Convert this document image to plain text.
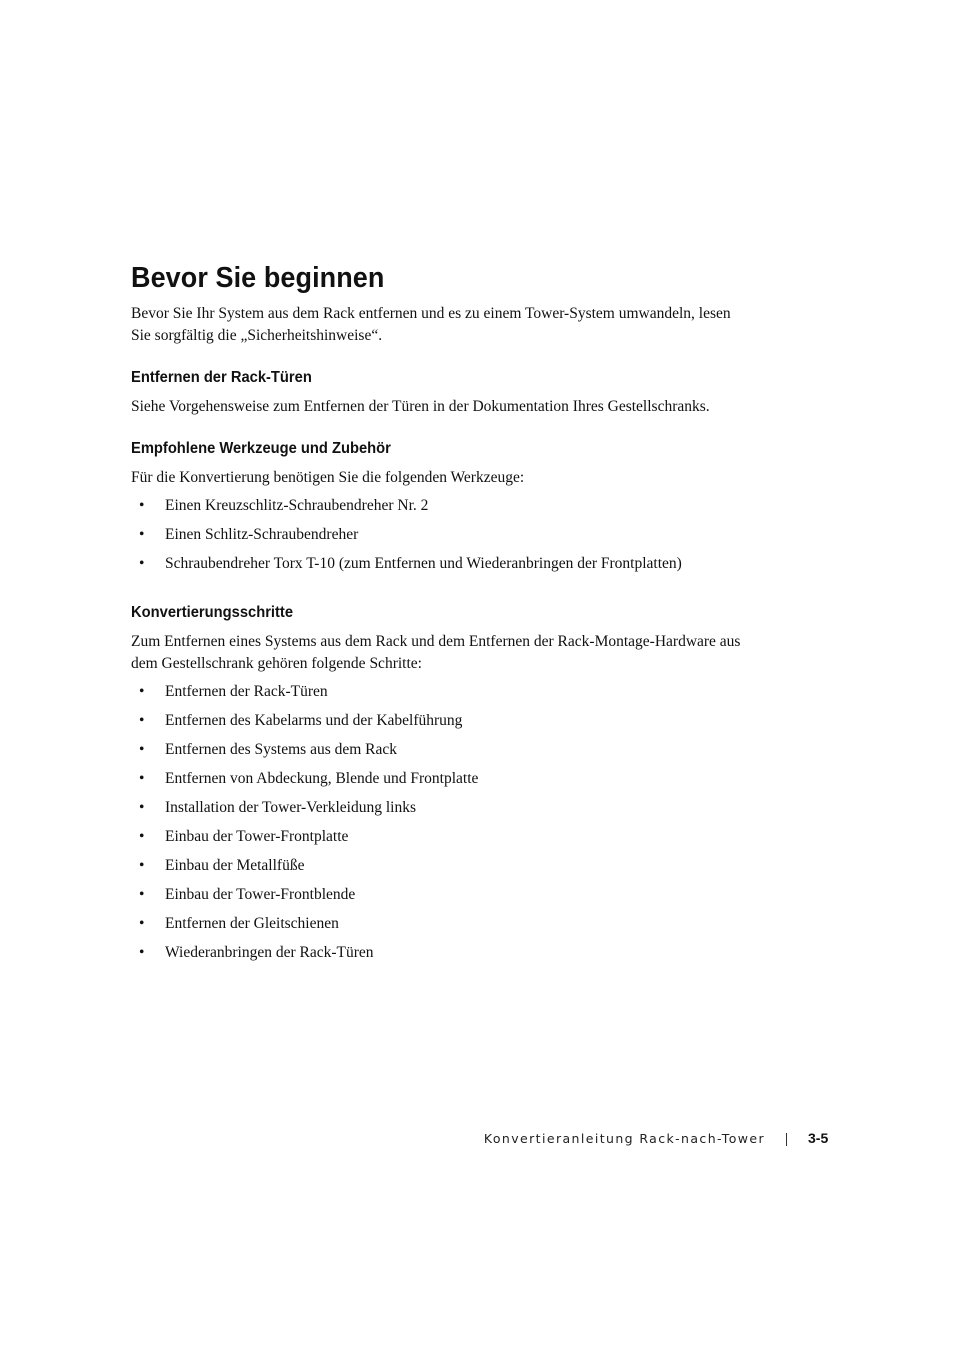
Bevor Sie beginnen

Bevor Sie Ihr System aus dem Rack entfernen und es zu einem Tower-System umwandeln, lesen Sie sorgfältig die „Sicherheitshinweise“.

Entfernen der Rack-Türen

Siehe Vorgehensweise zum Entfernen der Türen in der Dokumentation Ihres Gestellschranks.

Empfohlene Werkzeuge und Zubehör

Für die Konvertierung benötigen Sie die folgenden Werkzeuge:

• Einen Kreuzschlitz-Schraubendreher Nr. 2
• Einen Schlitz-Schraubendreher
• Schraubendreher Torx T-10 (zum Entfernen und Wiederanbringen der Frontplatten)
Konvertierungsschritte

Zum Entfernen eines Systems aus dem Rack und dem Entfernen der Rack-Montage-Hardware aus dem Gestellschrank gehören folgende Schritte:

• Entfernen der Rack-Türen
• Entfernen des Kabelarms und der Kabelführung
• Entfernen des Systems aus dem Rack
• Entfernen von Abdeckung, Blende und Frontplatte
• Installation der Tower-Verkleidung links
• Einbau der Tower-Frontplatte
• Einbau der Metallfüße
• Einbau der Tower-Frontblende
• Entfernen der Gleitschienen
• Wiederanbringen der Rack-Türen
Konvertieranleitung Rack-nach-Tower	3-5
